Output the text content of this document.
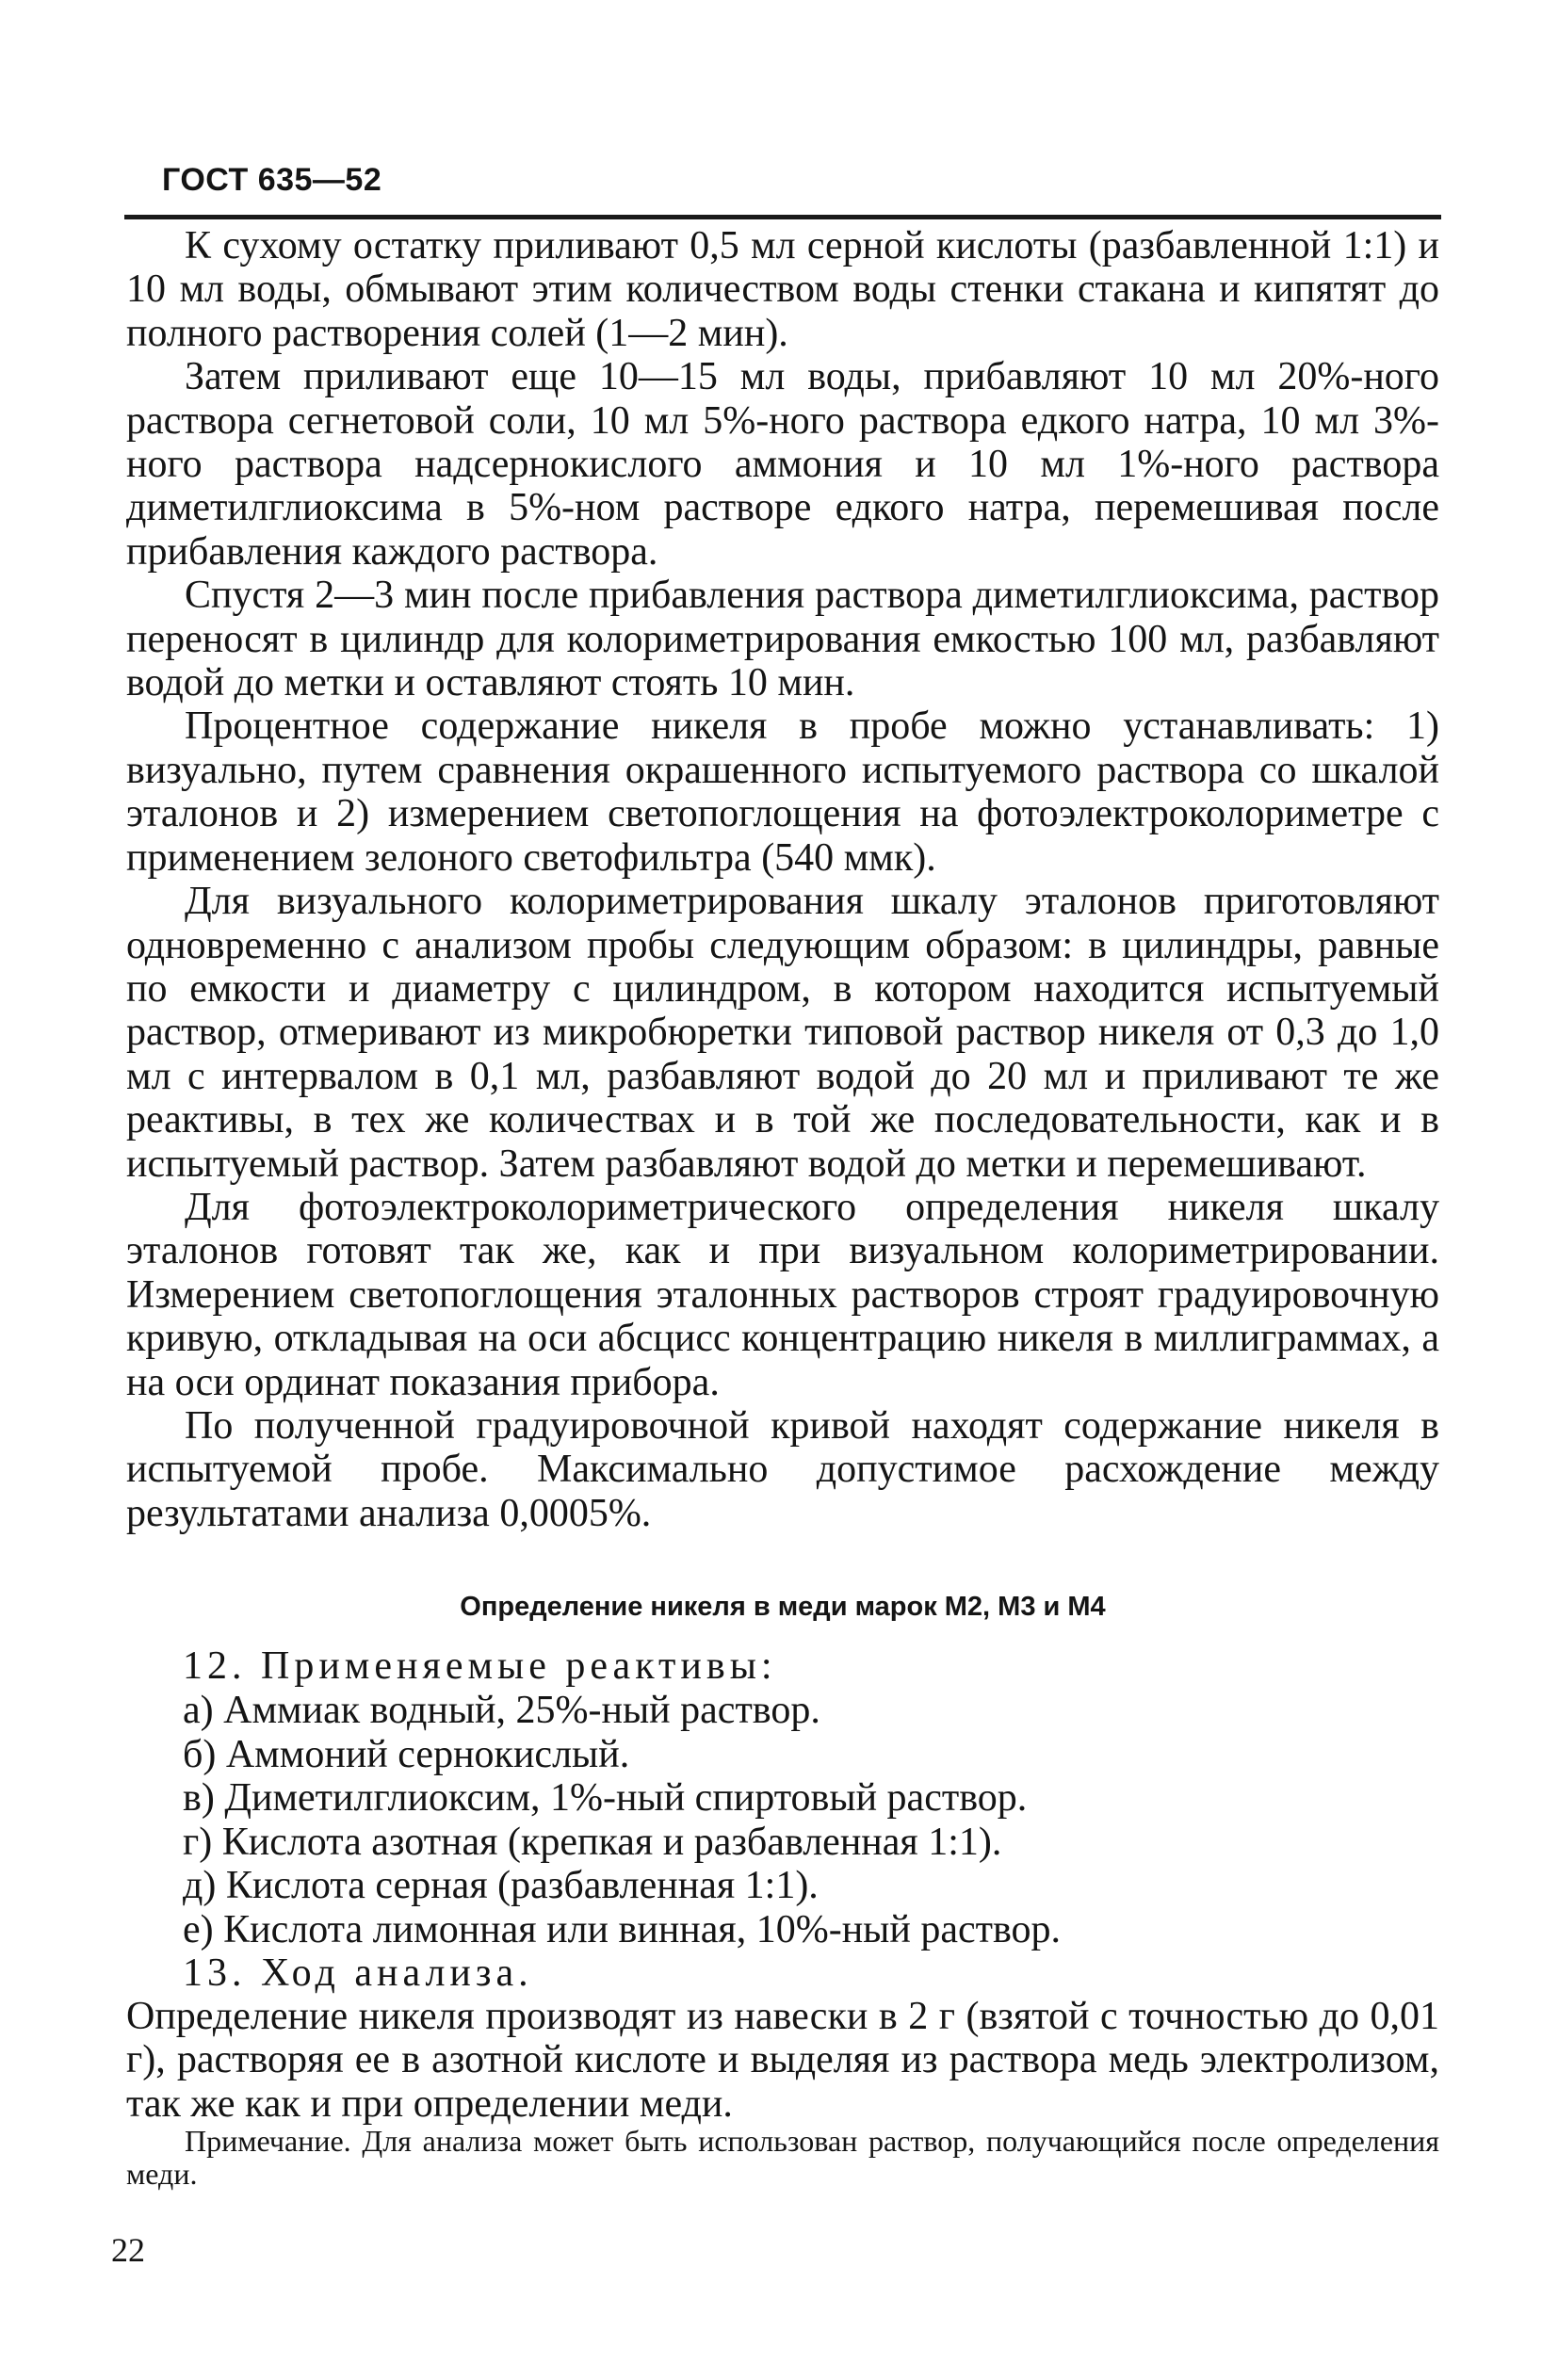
ГОСТ 635—52

К сухому остатку приливают 0,5 мл серной кислоты (разбавленной 1:1) и 10 мл воды, обмывают этим количеством воды стенки стакана и кипятят до полного растворения солей (1—2 мин).

Затем приливают еще 10—15 мл воды, прибавляют 10 мл 20%-ного раствора сегнетовой соли, 10 мл 5%-ного раствора едкого натра, 10 мл 3%-ного раствора надсернокислого аммония и 10 мл 1%-ного раствора диметилглиоксима в 5%-ном растворе едкого натра, перемешивая после прибавления каждого раствора.

Спустя 2—3 мин после прибавления раствора диметилглиоксима, раствор переносят в цилиндр для колориметрирования емкостью 100 мл, разбавляют водой до метки и оставляют стоять 10 мин.

Процентное содержание никеля в пробе можно устанавливать: 1) визуально, путем сравнения окрашенного испытуемого раствора со шкалой эталонов и 2) измерением светопоглощения на фотоэлектроколориметре с применением зелоного светофильтра (540 ммк).

Для визуального колориметрирования шкалу эталонов приготовляют одновременно с анализом пробы следующим образом: в цилиндры, равные по емкости и диаметру с цилиндром, в котором находится испытуемый раствор, отмеривают из микробюретки типовой раствор никеля от 0,3 до 1,0 мл с интервалом в 0,1 мл, разбавляют водой до 20 мл и приливают те же реактивы, в тех же количествах и в той же последовательности, как и в испытуемый раствор. Затем разбавляют водой до метки и перемешивают.

Для фотоэлектроколориметрического определения никеля шкалу эталонов готовят так же, как и при визуальном колориметрировании. Измерением светопоглощения эталонных растворов строят градуировочную кривую, откладывая на оси абсцисс концентрацию никеля в миллиграммах, а на оси ординат показания прибора.

По полученной градуировочной кривой находят содержание никеля в испытуемой пробе. Максимально допустимое расхождение между результатами анализа 0,0005%.

Определение никеля в меди марок М2, М3 и М4

12. Применяемые реактивы:

а) Аммиак водный, 25%-ный раствор.

б) Аммоний сернокислый.

в) Диметилглиоксим, 1%-ный спиртовый раствор.

г) Кислота азотная (крепкая и разбавленная 1:1).

д) Кислота серная (разбавленная 1:1).

е) Кислота лимонная или винная, 10%-ный раствор.

13. Ход анализа.

Определение никеля производят из навески в 2 г (взятой с точностью до 0,01 г), растворяя ее в азотной кислоте и выделяя из раствора медь электролизом, так же как и при определении меди.

Примечание. Для анализа может быть использован раствор, получающийся после определения меди.

22
